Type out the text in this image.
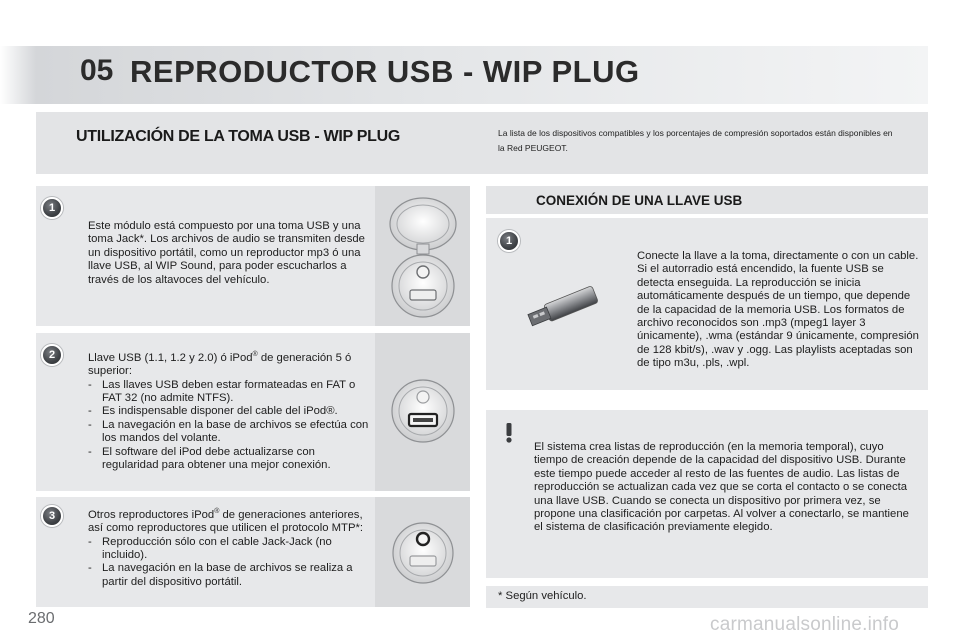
05 REPRODUCTOR USB - WIP PLUG
UTILIZACIÓN DE LA TOMA USB - WIP PLUG	La lista de los dispositivos compatibles y los porcentajes de compresión soportados están disponibles en la Red PEUGEOT.
1
Este módulo está compuesto por una toma USB y una toma Jack*. Los archivos de audio se transmiten desde un dispositivo portátil, como un reproductor mp3 ó una llave USB, al WIP Sound, para poder escucharlos a través de los altavoces del vehículo.
2	Llave USB (1.1, 1.2 y 2.0) ó iPod® de generación 5 ó superior:
- Las llaves USB deben estar formateadas en FAT o FAT 32 (no admite NTFS).
- Es indispensable disponer del cable del iPod®.
- La navegación en la base de archivos se efectúa con los mandos del volante.
- El software del iPod debe actualizarse con regularidad para obtener una mejor conexión.
3	Otros reproductores iPod® de generaciones anteriores, así como reproductores que utilicen el protocolo MTP*:
- Reproducción sólo con el cable Jack-Jack (no incluido).
- La navegación en la base de archivos se realiza a partir del dispositivo portátil.
CONEXIÓN DE UNA LLAVE USB
1
Conecte la llave a la toma, directamente o con un cable. Si el autorradio está encendido, la fuente USB se detecta enseguida. La reproducción se inicia automáticamente después de un tiempo, que depende de la capacidad de la memoria USB. Los formatos de archivo reconocidos son .mp3 (mpeg1 layer 3 únicamente), .wma (estándar 9 únicamente, compresión de 128 kbit/s), .wav y .ogg. Las playlists aceptadas son de tipo m3u, .pls, .wpl.
El sistema crea listas de reproducción (en la memoria temporal), cuyo tiempo de creación depende de la capacidad del dispositivo USB. Durante este tiempo puede acceder al resto de las fuentes de audio. Las listas de reproducción se actualizan cada vez que se corta el contacto o se conecta una llave USB. Cuando se conecta un dispositivo por primera vez, se propone una clasificación por carpetas. Al volver a conectarlo, se mantiene el sistema de clasificación previamente elegido.
* Según vehículo.
280	carmanualsonline.info
